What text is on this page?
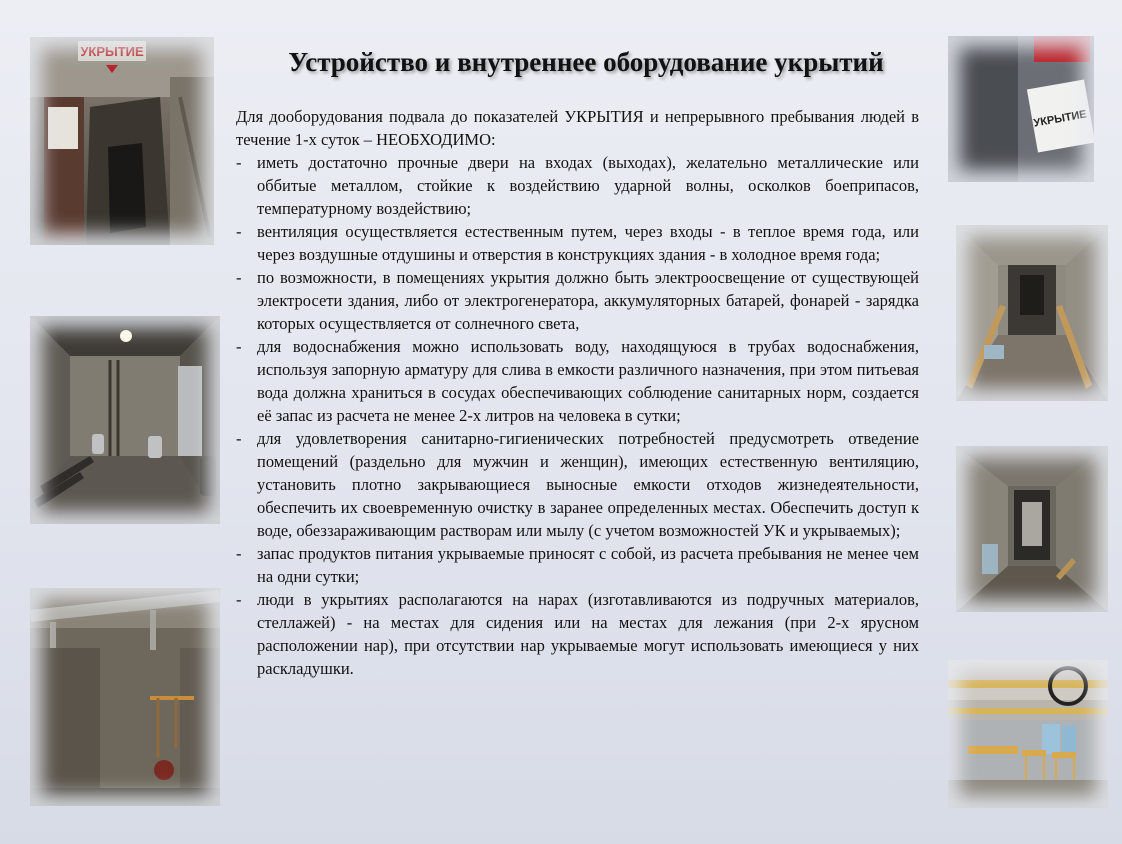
УКРЫТИЕ
УКРЫТИЕ
Устройство и внутреннее оборудование укрытий

Для дооборудования подвала до показателей УКРЫТИЯ и непрерывного пребывания людей в течение 1-х суток – НЕОБХОДИМО:

- иметь достаточно прочные двери на входах (выходах), желательно металлические или оббитые металлом, стойкие к воздействию ударной волны, осколков боеприпасов, температурному воздействию;
- вентиляция осуществляется естественным путем, через входы - в теплое время года, или через воздушные отдушины и отверстия в конструкциях здания - в холодное время года;
- по возможности, в помещениях укрытия должно быть электроосвещение от существующей электросети здания, либо от электрогенератора, аккумуляторных батарей, фонарей - зарядка которых осуществляется от солнечного света,
- для водоснабжения можно использовать воду, находящуюся в трубах водоснабжения, используя запорную арматуру для слива в емкости различного назначения, при этом питьевая вода должна храниться в сосудах обеспечивающих соблюдение санитарных норм, создается её запас из расчета не менее 2-х литров на человека в сутки;
- для удовлетворения санитарно-гигиенических потребностей предусмотреть отведение помещений (раздельно для мужчин и женщин), имеющих естественную вентиляцию, установить плотно закрывающиеся выносные емкости отходов жизнедеятельности, обеспечить их своевременную очистку в заранее определенных местах. Обеспечить доступ к воде, обеззараживающим растворам или мылу (с учетом возможностей УК и укрываемых);
- запас продуктов питания укрываемые приносят с собой, из расчета пребывания не менее чем на одни сутки;
- люди в укрытиях располагаются на нарах (изготавливаются из подручных материалов, стеллажей) - на местах для сидения или на местах для лежания (при 2-х ярусном расположении нар), при отсутствии нар укрываемые могут использовать имеющиеся у них раскладушки.
